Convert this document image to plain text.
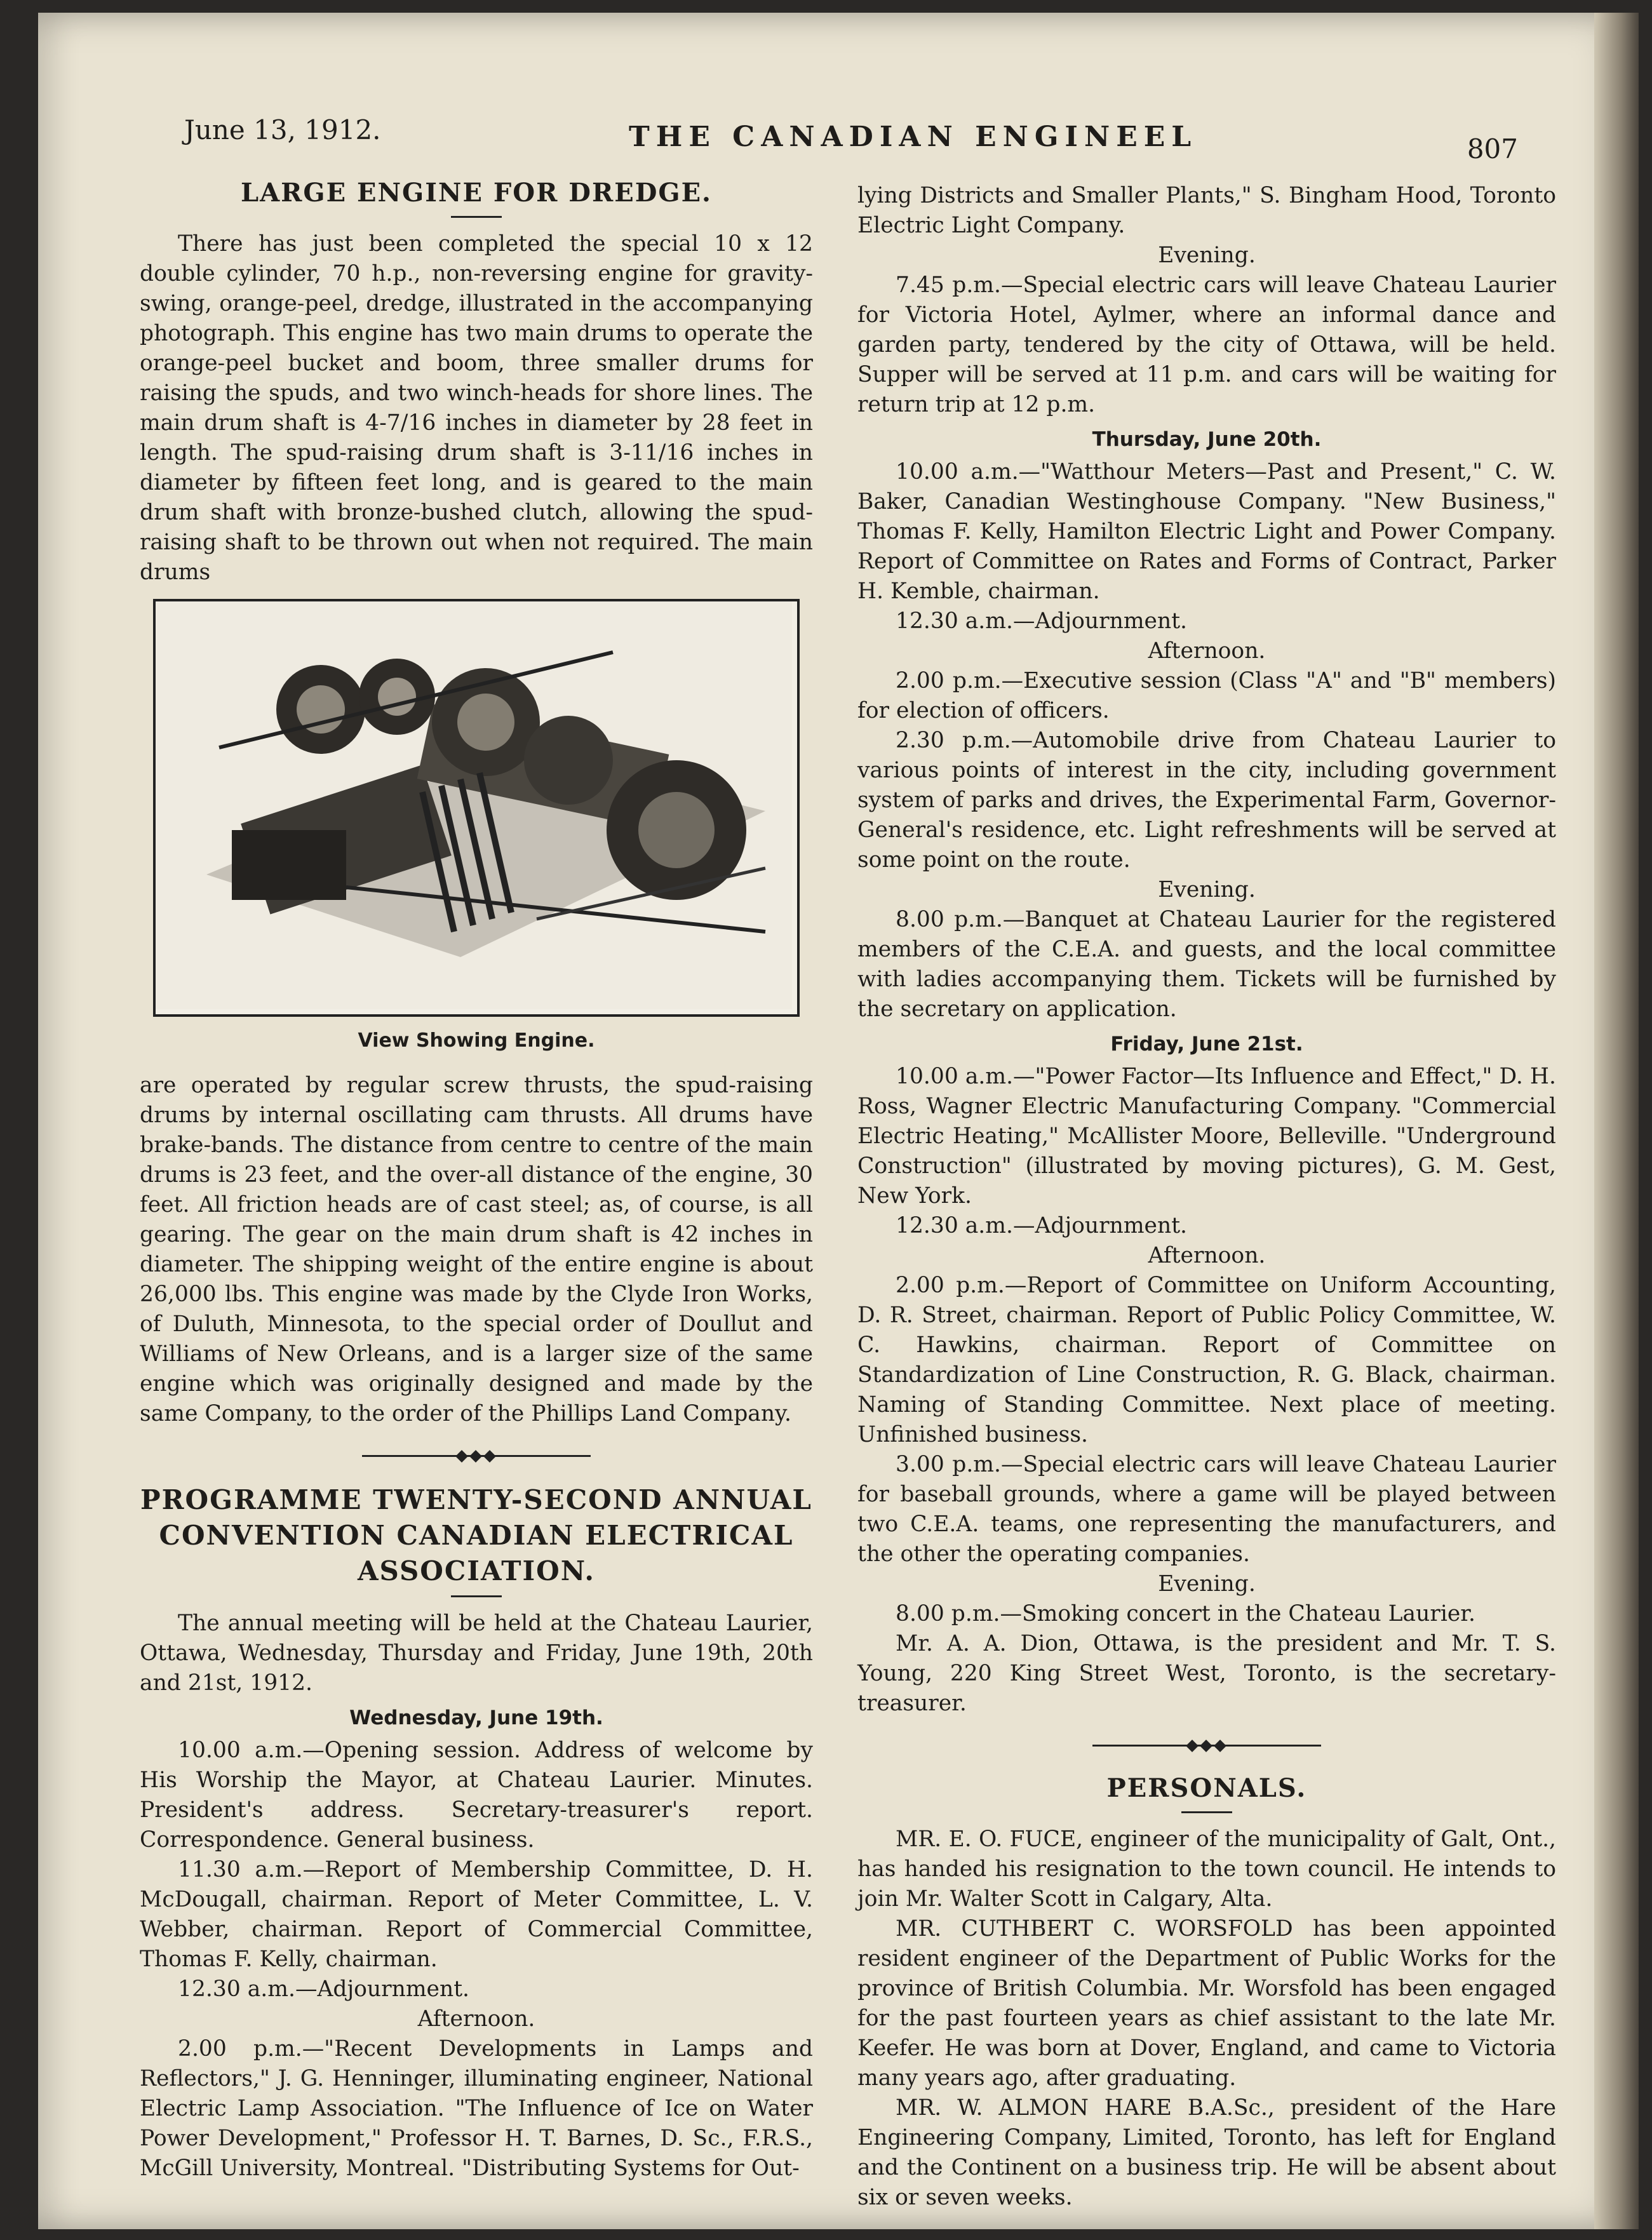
June 13, 1912.	THE CANADIAN ENGINEEL	807
LARGE ENGINE FOR DREDGE.

There has just been completed the special 10 x 12 double cylinder, 70 h.p., non-reversing engine for gravity-swing, orange-peel, dredge, illustrated in the accompanying photograph. This engine has two main drums to operate the orange-peel bucket and boom, three smaller drums for raising the spuds, and two winch-heads for shore lines. The main drum shaft is 4-7/16 inches in diameter by 28 feet in length. The spud-raising drum shaft is 3-11/16 inches in diameter by fifteen feet long, and is geared to the main drum shaft with bronze-bushed clutch, allowing the spud-raising shaft to be thrown out when not required. The main drums

View Showing Engine.

are operated by regular screw thrusts, the spud-raising drums by internal oscillating cam thrusts. All drums have brake-bands. The distance from centre to centre of the main drums is 23 feet, and the over-all distance of the engine, 30 feet. All friction heads are of cast steel; as, of course, is all gearing. The gear on the main drum shaft is 42 inches in diameter. The shipping weight of the entire engine is about 26,000 lbs. This engine was made by the Clyde Iron Works, of Duluth, Minnesota, to the special order of Doullut and Williams of New Orleans, and is a larger size of the same engine which was originally designed and made by the same Company, to the order of the Phillips Land Company.

PROGRAMME TWENTY-SECOND ANNUAL CONVENTION CANADIAN ELECTRICAL ASSOCIATION.

The annual meeting will be held at the Chateau Laurier, Ottawa, Wednesday, Thursday and Friday, June 19th, 20th and 21st, 1912.

Wednesday, June 19th.

10.00 a.m.—Opening session. Address of welcome by His Worship the Mayor, at Chateau Laurier. Minutes. President's address. Secretary-treasurer's report. Correspondence. General business.

11.30 a.m.—Report of Membership Committee, D. H. McDougall, chairman. Report of Meter Committee, L. V. Webber, chairman. Report of Commercial Committee, Thomas F. Kelly, chairman.

12.30 a.m.—Adjournment.

Afternoon.

2.00 p.m.—"Recent Developments in Lamps and Reflectors," J. G. Henninger, illuminating engineer, National Electric Lamp Association. "The Influence of Ice on Water Power Development," Professor H. T. Barnes, D. Sc., F.R.S., McGill University, Montreal. "Distributing Systems for Out-

lying Districts and Smaller Plants," S. Bingham Hood, Toronto Electric Light Company.

Evening.

7.45 p.m.—Special electric cars will leave Chateau Laurier for Victoria Hotel, Aylmer, where an informal dance and garden party, tendered by the city of Ottawa, will be held. Supper will be served at 11 p.m. and cars will be waiting for return trip at 12 p.m.

Thursday, June 20th.

10.00 a.m.—"Watthour Meters—Past and Present," C. W. Baker, Canadian Westinghouse Company. "New Business," Thomas F. Kelly, Hamilton Electric Light and Power Company. Report of Committee on Rates and Forms of Contract, Parker H. Kemble, chairman.

12.30 a.m.—Adjournment.

Afternoon.

2.00 p.m.—Executive session (Class "A" and "B" members) for election of officers.

2.30 p.m.—Automobile drive from Chateau Laurier to various points of interest in the city, including government system of parks and drives, the Experimental Farm, Governor-General's residence, etc. Light refreshments will be served at some point on the route.

Evening.

8.00 p.m.—Banquet at Chateau Laurier for the registered members of the C.E.A. and guests, and the local committee with ladies accompanying them. Tickets will be furnished by the secretary on application.

Friday, June 21st.

10.00 a.m.—"Power Factor—Its Influence and Effect," D. H. Ross, Wagner Electric Manufacturing Company. "Commercial Electric Heating," McAllister Moore, Belleville. "Underground Construction" (illustrated by moving pictures), G. M. Gest, New York.

12.30 a.m.—Adjournment.

Afternoon.

2.00 p.m.—Report of Committee on Uniform Accounting, D. R. Street, chairman. Report of Public Policy Committee, W. C. Hawkins, chairman. Report of Committee on Standardization of Line Construction, R. G. Black, chairman. Naming of Standing Committee. Next place of meeting. Unfinished business.

3.00 p.m.—Special electric cars will leave Chateau Laurier for baseball grounds, where a game will be played between two C.E.A. teams, one representing the manufacturers, and the other the operating companies.

Evening.

8.00 p.m.—Smoking concert in the Chateau Laurier.

Mr. A. A. Dion, Ottawa, is the president and Mr. T. S. Young, 220 King Street West, Toronto, is the secretary-treasurer.

PERSONALS.

MR. E. O. FUCE, engineer of the municipality of Galt, Ont., has handed his resignation to the town council. He intends to join Mr. Walter Scott in Calgary, Alta.

MR. CUTHBERT C. WORSFOLD has been appointed resident engineer of the Department of Public Works for the province of British Columbia. Mr. Worsfold has been engaged for the past fourteen years as chief assistant to the late Mr. Keefer. He was born at Dover, England, and came to Victoria many years ago, after graduating.

MR. W. ALMON HARE B.A.Sc., president of the Hare Engineering Company, Limited, Toronto, has left for England and the Continent on a business trip. He will be absent about six or seven weeks.
